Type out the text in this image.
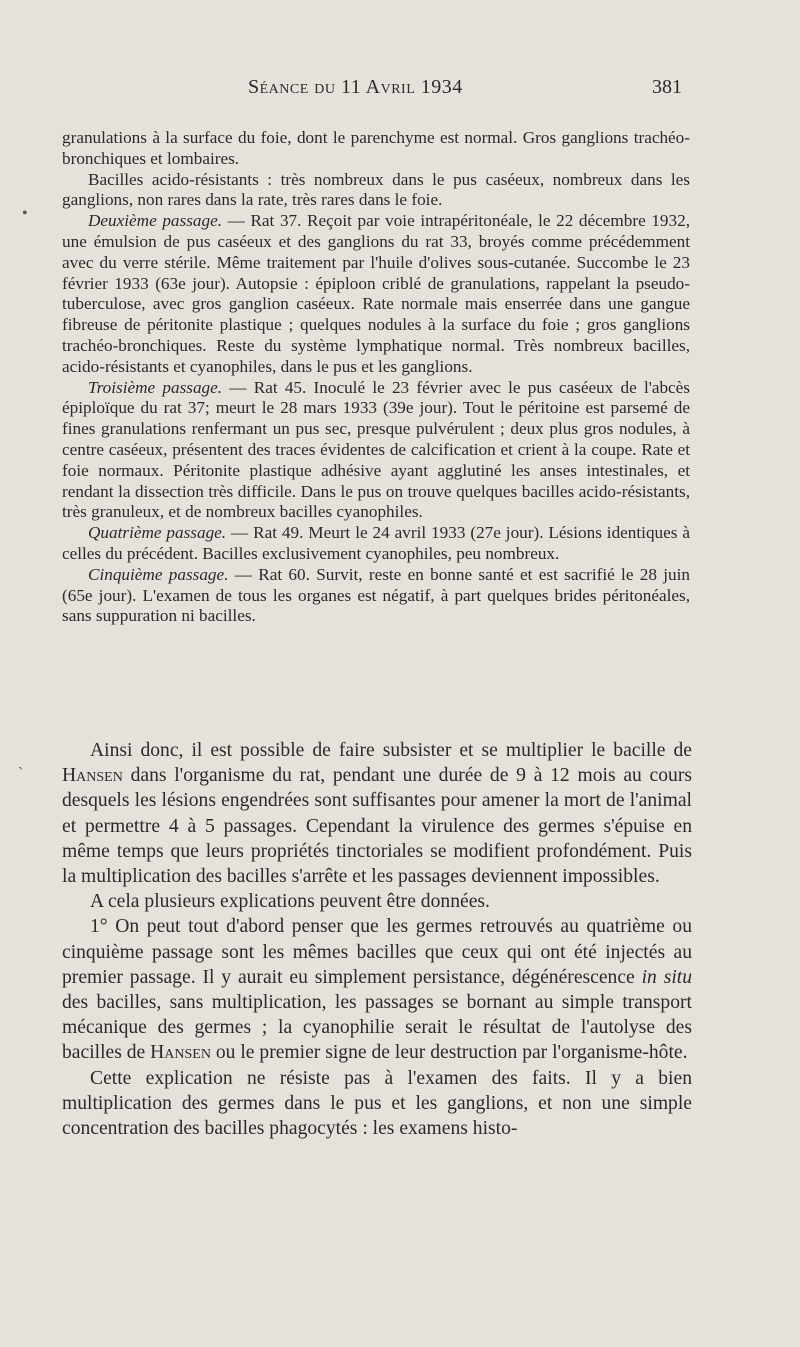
•
`
Séance du 11 Avril 1934	381

granulations à la surface du foie, dont le parenchyme est normal. Gros ganglions trachéo-bronchiques et lombaires.

Bacilles acido-résistants : très nombreux dans le pus caséeux, nombreux dans les ganglions, non rares dans la rate, très rares dans le foie.

Deuxième passage. — Rat 37. Reçoit par voie intrapéritonéale, le 22 décembre 1932, une émulsion de pus caséeux et des ganglions du rat 33, broyés comme précédemment avec du verre stérile. Même traitement par l'huile d'olives sous-cutanée. Succombe le 23 février 1933 (63e jour). Autopsie : épiploon criblé de granulations, rappelant la pseudo-tuberculose, avec gros ganglion caséeux. Rate normale mais enserrée dans une gangue fibreuse de péritonite plastique ; quelques nodules à la surface du foie ; gros ganglions trachéo-bronchiques. Reste du système lymphatique normal. Très nombreux bacilles, acido-résistants et cyanophiles, dans le pus et les ganglions.

Troisième passage. — Rat 45. Inoculé le 23 février avec le pus caséeux de l'abcès épiploïque du rat 37; meurt le 28 mars 1933 (39e jour). Tout le péritoine est parsemé de fines granulations renfermant un pus sec, presque pulvérulent ; deux plus gros nodules, à centre caséeux, présentent des traces évidentes de calcification et crient à la coupe. Rate et foie normaux. Péritonite plastique adhésive ayant agglutiné les anses intestinales, et rendant la dissection très difficile. Dans le pus on trouve quelques bacilles acido-résistants, très granuleux, et de nombreux bacilles cyanophiles.

Quatrième passage. — Rat 49. Meurt le 24 avril 1933 (27e jour). Lésions identiques à celles du précédent. Bacilles exclusivement cyanophiles, peu nombreux.

Cinquième passage. — Rat 60. Survit, reste en bonne santé et est sacrifié le 28 juin (65e jour). L'examen de tous les organes est négatif, à part quelques brides péritonéales, sans suppuration ni bacilles.

Ainsi donc, il est possible de faire subsister et se multiplier le bacille de Hansen dans l'organisme du rat, pendant une durée de 9 à 12 mois au cours desquels les lésions engendrées sont suffisantes pour amener la mort de l'animal et permettre 4 à 5 passages. Cependant la virulence des germes s'épuise en même temps que leurs propriétés tinctoriales se modifient profondément. Puis la multiplication des bacilles s'arrête et les passages deviennent impossibles.

A cela plusieurs explications peuvent être données.

1° On peut tout d'abord penser que les germes retrouvés au quatrième ou cinquième passage sont les mêmes bacilles que ceux qui ont été injectés au premier passage. Il y aurait eu simplement persistance, dégénérescence in situ des bacilles, sans multiplication, les passages se bornant au simple transport mécanique des germes ; la cyanophilie serait le résultat de l'autolyse des bacilles de Hansen ou le premier signe de leur destruction par l'organisme-hôte.

Cette explication ne résiste pas à l'examen des faits. Il y a bien multiplication des germes dans le pus et les ganglions, et non une simple concentration des bacilles phagocytés : les examens histo-
